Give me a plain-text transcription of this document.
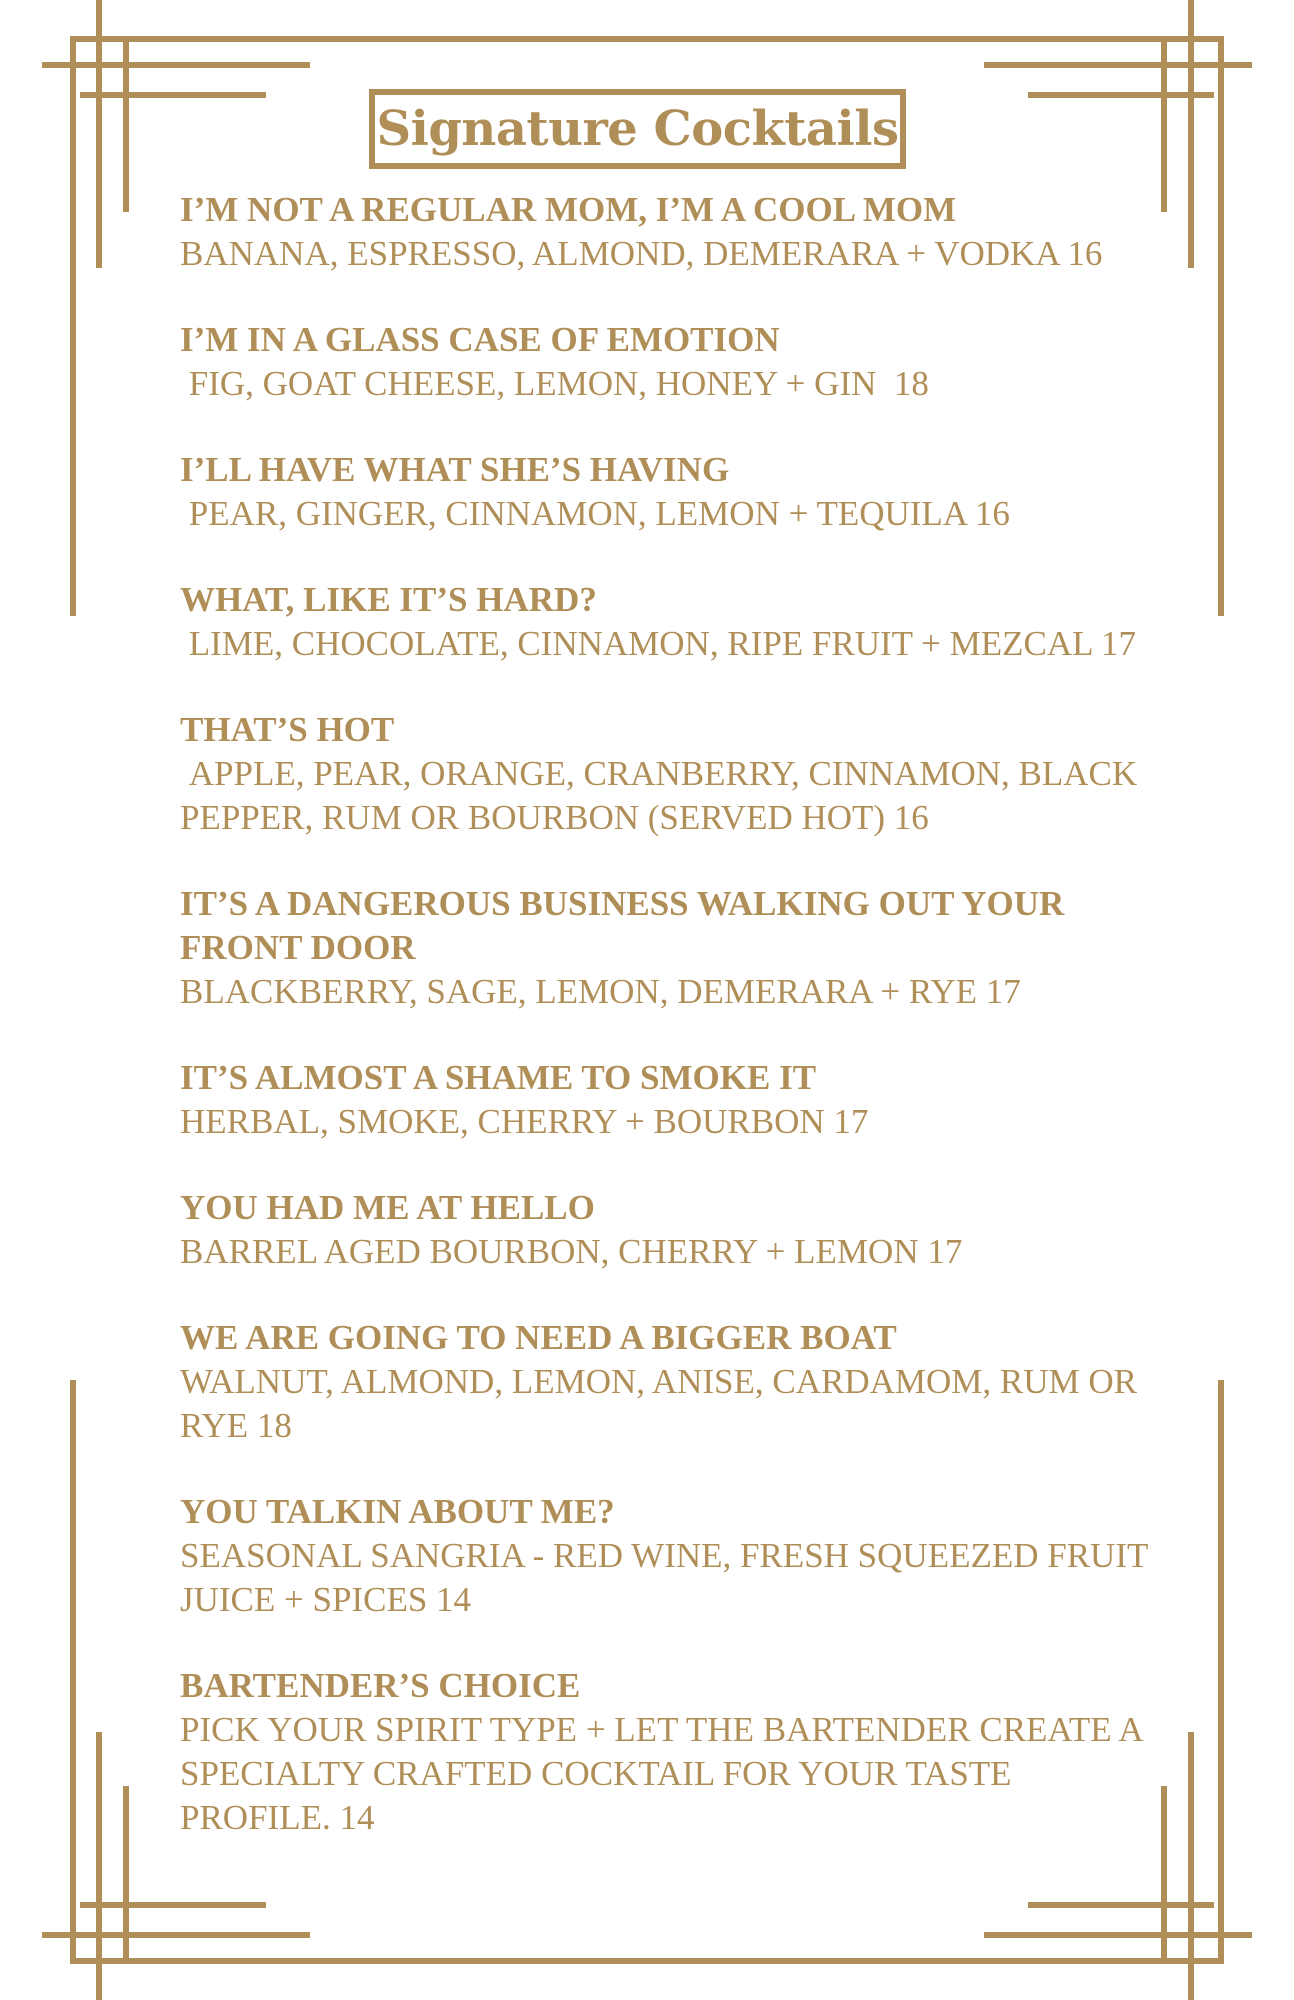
Signature Cocktails

I’M NOT A REGULAR MOM, I’M A COOL MOM

BANANA, ESPRESSO, ALMOND, DEMERARA + VODKA 16

I’M IN A GLASS CASE OF EMOTION

FIG, GOAT CHEESE, LEMON, HONEY + GIN  18

I’LL HAVE WHAT SHE’S HAVING

PEAR, GINGER, CINNAMON, LEMON + TEQUILA 16

WHAT, LIKE IT’S HARD?

LIME, CHOCOLATE, CINNAMON, RIPE FRUIT + MEZCAL 17

THAT’S HOT

APPLE, PEAR, ORANGE, CRANBERRY, CINNAMON, BLACK PEPPER, RUM OR BOURBON (SERVED HOT) 16

IT’S A DANGEROUS BUSINESS WALKING OUT YOUR FRONT DOOR

BLACKBERRY, SAGE, LEMON, DEMERARA + RYE 17

IT’S ALMOST A SHAME TO SMOKE IT

HERBAL, SMOKE, CHERRY + BOURBON 17

YOU HAD ME AT HELLO

BARREL AGED BOURBON, CHERRY + LEMON 17

WE ARE GOING TO NEED A BIGGER BOAT

WALNUT, ALMOND, LEMON, ANISE, CARDAMOM, RUM OR RYE 18

YOU TALKIN ABOUT ME?

SEASONAL SANGRIA - RED WINE, FRESH SQUEEZED FRUIT JUICE + SPICES 14

BARTENDER’S CHOICE

PICK YOUR SPIRIT TYPE + LET THE BARTENDER CREATE A SPECIALTY CRAFTED COCKTAIL FOR YOUR TASTE PROFILE. 14
